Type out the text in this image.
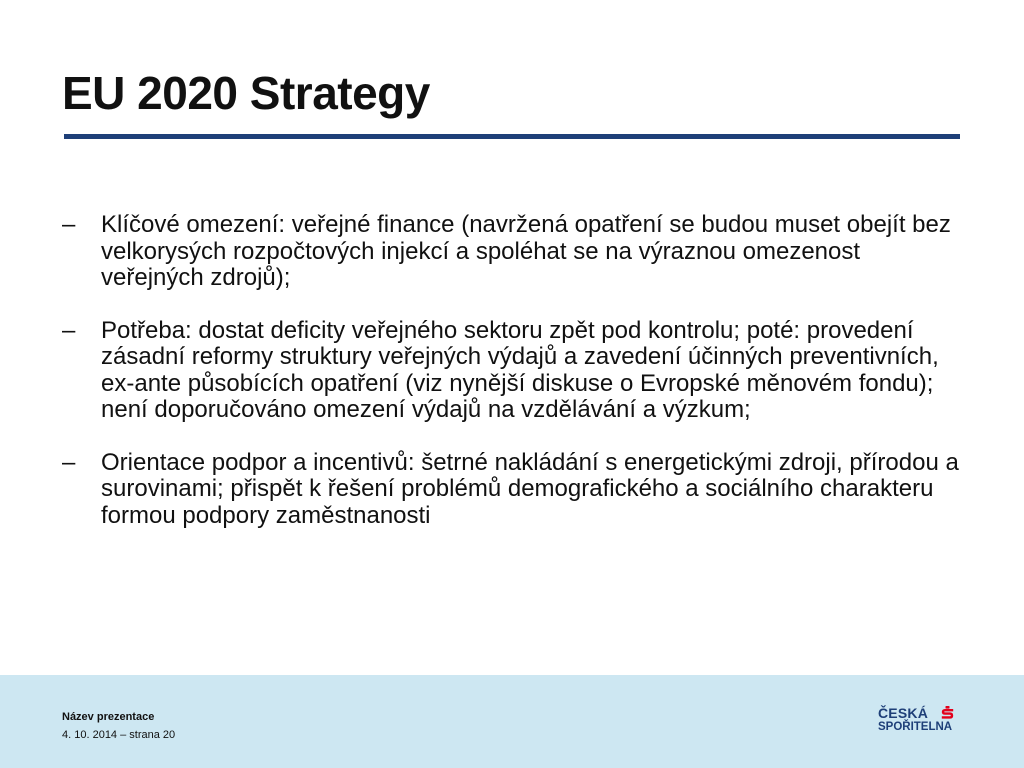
EU 2020 Strategy
– Klíčové omezení: veřejné finance (navržená opatření se budou muset obejít bez velkorysých rozpočtových injekcí a spoléhat se na výraznou omezenost veřejných zdrojů);
– Potřeba: dostat deficity veřejného sektoru zpět pod kontrolu; poté: provedení zásadní reformy struktury veřejných výdajů a zavedení účinných preventivních, ex-ante působících opatření (viz nynější diskuse o Evropské měnovém fondu); není doporučováno omezení výdajů na vzdělávání a výzkum;
– Orientace podpor a incentivů: šetrné nakládání s energetickými zdroji, přírodou a surovinami; přispět k řešení problémů demografického a sociálního charakteru formou podpory zaměstnanosti
Název prezentace
4. 10. 2014 – strana 20
ČESKÁ
SPOŘITELNA
